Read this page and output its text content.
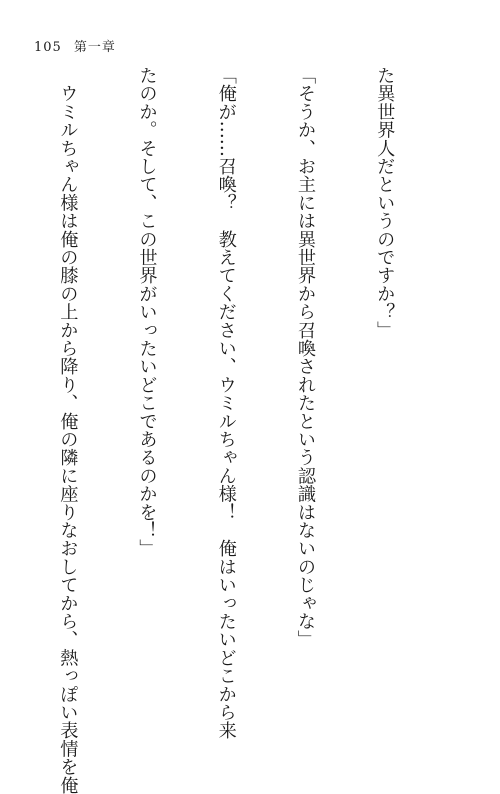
105 第一章

た異世界人だというのですか？」

「そうか、お主には異世界から召喚されたという認識はないのじゃな」

「俺が……召喚？　教えてください、ウミルちゃん様！　俺はいったいどこから来

たのか。そして、この世界がいったいどこであるのかを！」

　ウミルちゃん様は俺の膝の上から降り、俺の隣に座りなおしてから、熱っぽい表情を俺
